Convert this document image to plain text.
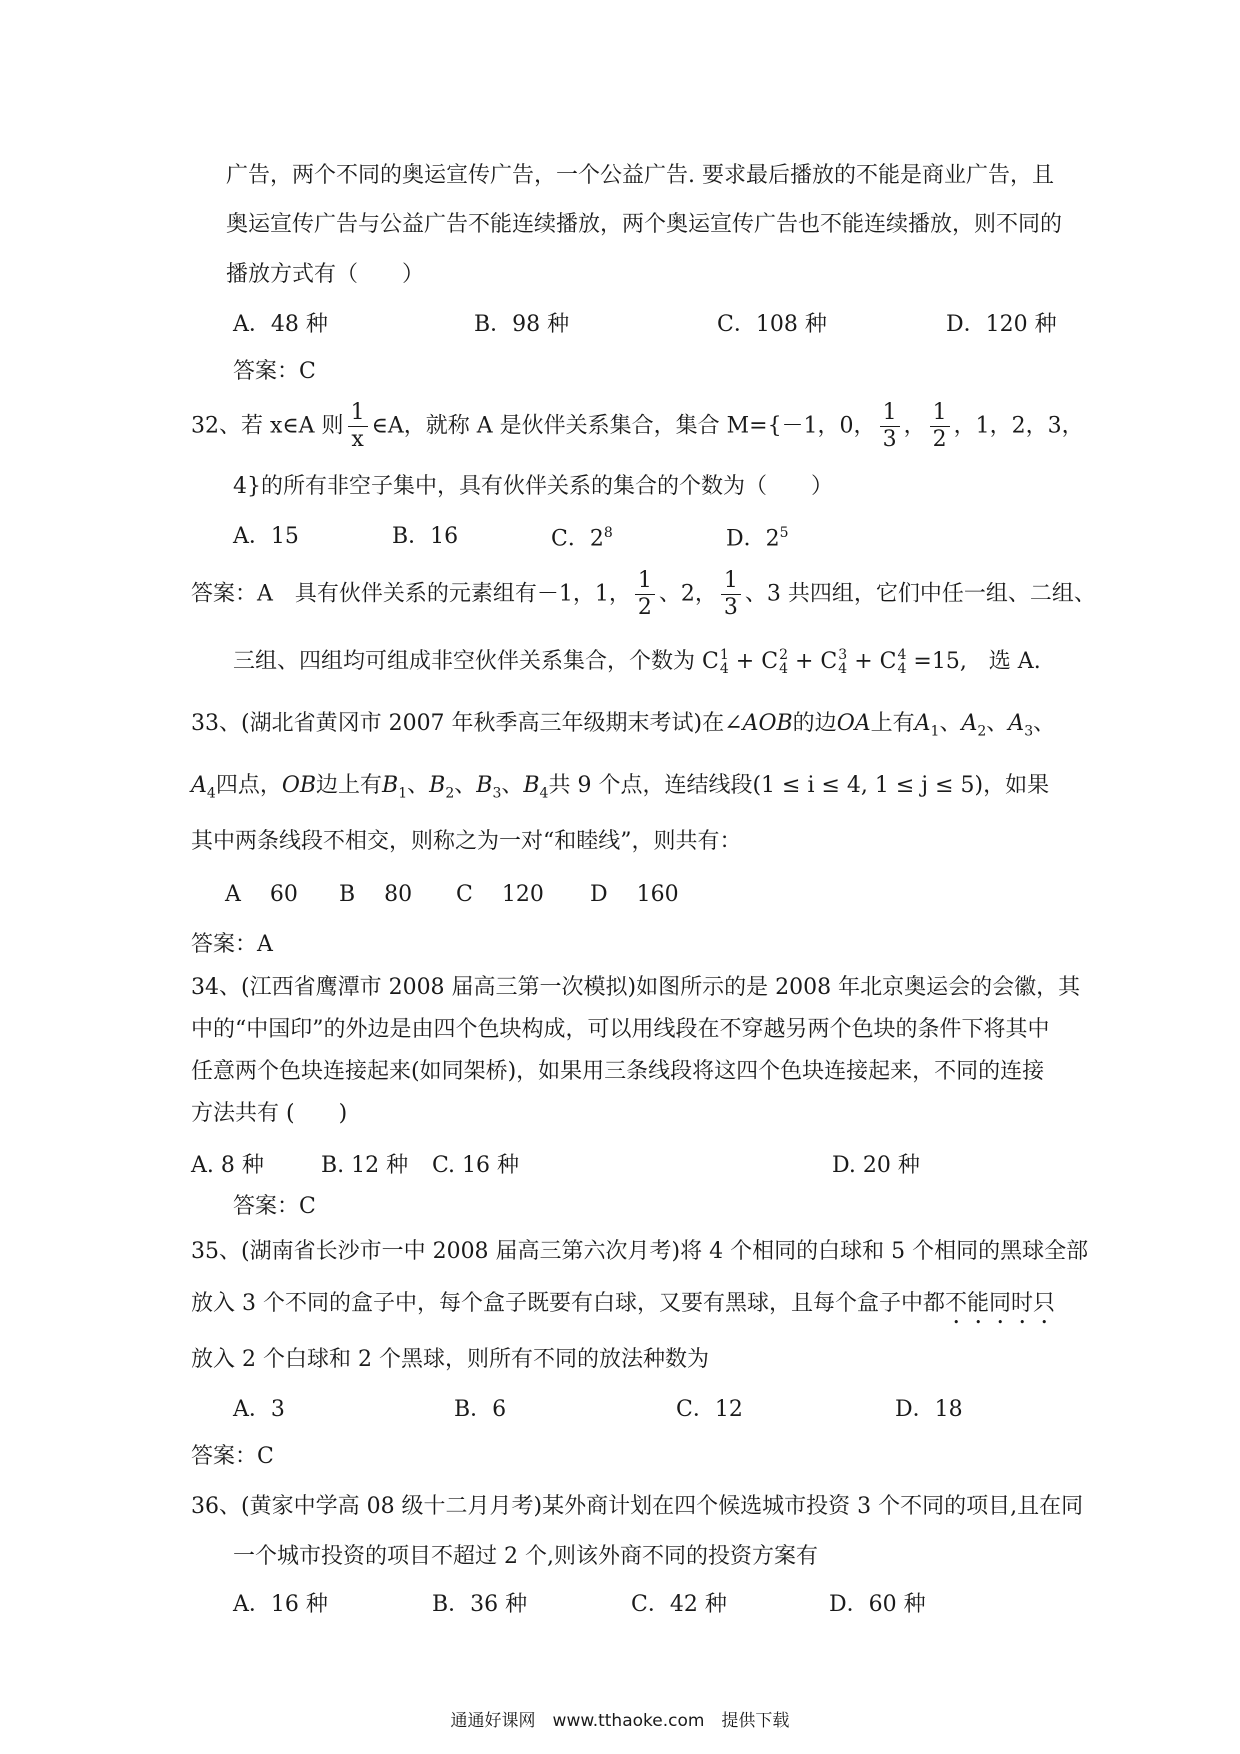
广告，两个不同的奥运宣传广告，一个公益广告. 要求最后播放的不能是商业广告，且
奥运宣传广告与公益广告不能连续播放，两个奥运宣传广告也不能连续播放，则不同的
播放方式有（　　）
A．48 种	B．98 种	C．108 种	D．120 种
答案：C
32、若 x∈A 则 $\frac{1}{x}$ ∈A，就称 A 是伙伴关系集合，集合 M={－1，0， $\frac{1}{3}$ ， $\frac{1}{2}$ ，1，2，3，
4}的所有非空子集中，具有伙伴关系的集合的个数为（　　）
A．15	B．16	C．$2^8$	D．$2^5$
答案：A　具有伙伴关系的元素组有－1，1， $\frac{1}{2}$ 、2， $\frac{1}{3}$ 、3 共四组，它们中任一组、二组、
三组、四组均可组成非空伙伴关系集合，个数为 C 1
4 + C 2
4 + C 3
4 + C 4
4 =15,　选 A.
33、(湖北省黄冈市 2007 年秋季高三年级期末考试)在∠AOB的边OA上有$A_1$、$A_2$、$A_3$、
$A_4$四点，OB边上有$B_1$、$B_2$、$B_3$、$B_4$共 9 个点，连结线段(1 ≤ i ≤ 4, 1 ≤ j ≤ 5)，如果
其中两条线段不相交，则称之为一对“和睦线”，则共有：
A　 60 B　 80 C　 120 D　 160
答案：A
34、(江西省鹰潭市 2008 届高三第一次模拟)如图所示的是 2008 年北京奥运会的会徽，其
中的“中国印”的外边是由四个色块构成，可以用线段在不穿越另两个色块的条件下将其中
任意两个色块连接起来(如同架桥)，如果用三条线段将这四个色块连接起来，不同的连接
方法共有 (　　)
A. 8 种	B. 12 种 C. 16 种	D. 20 种
答案：C
35、(湖南省长沙市一中 2008 届高三第六次月考)将 4 个相同的白球和 5 个相同的黑球全部
放入 3 个不同的盒子中，每个盒子既要有白球，又要有黑球，且每个盒子中都不能同时只
放入 2 个白球和 2 个黑球，则所有不同的放法种数为
A．3	B．6	C．12	D．18
答案：C
36、(黄家中学高 08 级十二月月考)某外商计划在四个候选城市投资 3 个不同的项目,且在同
一个城市投资的项目不超过 2 个,则该外商不同的投资方案有
A．16 种	B．36 种	C．42 种	D．60 种
通通好课网　www.tthaoke.com　提供下载
